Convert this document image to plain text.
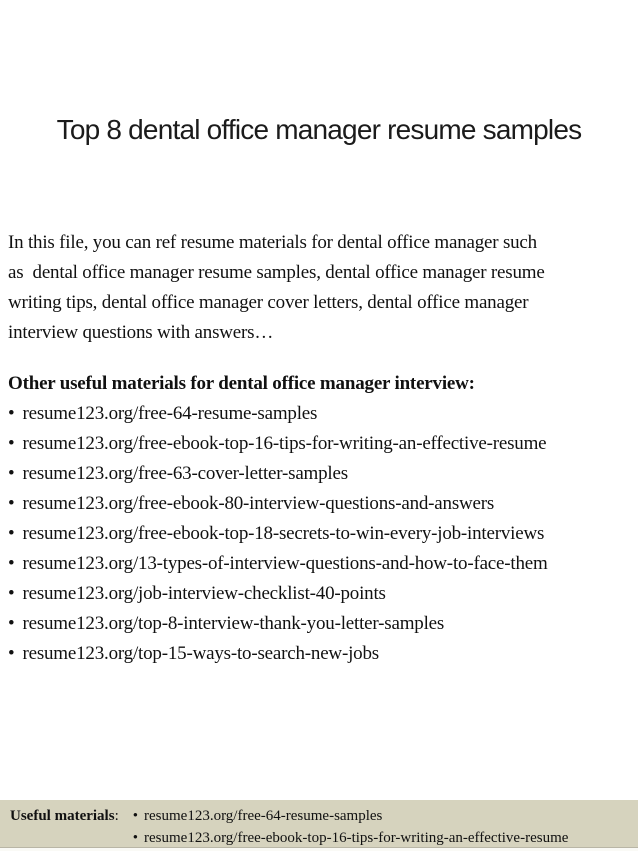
Top 8 dental office manager resume samples
In this file, you can ref resume materials for dental office manager such
as  dental office manager resume samples, dental office manager resume
writing tips, dental office manager cover letters, dental office manager
interview questions with answers…
Other useful materials for dental office manager interview:
• resume123.org/free-64-resume-samples
• resume123.org/free-ebook-top-16-tips-for-writing-an-effective-resume
• resume123.org/free-63-cover-letter-samples
• resume123.org/free-ebook-80-interview-questions-and-answers
• resume123.org/free-ebook-top-18-secrets-to-win-every-job-interviews
• resume123.org/13-types-of-interview-questions-and-how-to-face-them
• resume123.org/job-interview-checklist-40-points
• resume123.org/top-8-interview-thank-you-letter-samples
• resume123.org/top-15-ways-to-search-new-jobs
Useful materials: • resume123.org/free-64-resume-samples
• resume123.org/free-ebook-top-16-tips-for-writing-an-effective-resume
